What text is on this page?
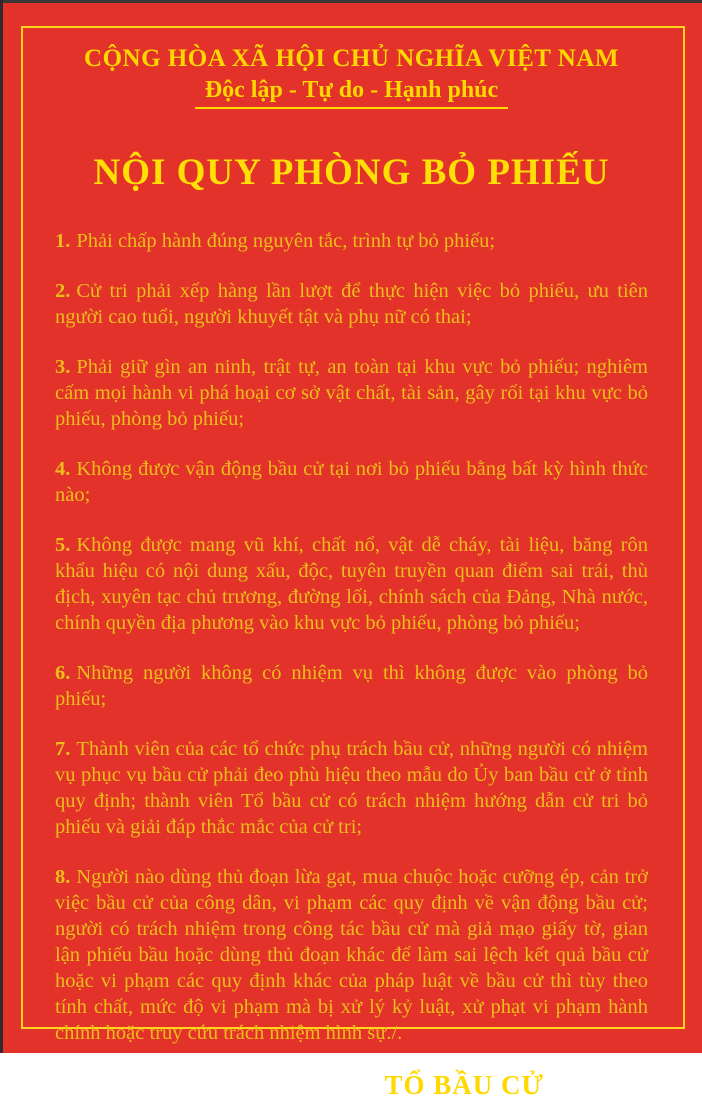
CỘNG HÒA XÃ HỘI CHỦ NGHĨA VIỆT NAM
Độc lập - Tự do - Hạnh phúc
NỘI QUY PHÒNG BỎ PHIẾU

1. Phải chấp hành đúng nguyên tắc, trình tự bỏ phiếu;

2. Cử tri phải xếp hàng lần lượt để thực hiện việc bỏ phiếu, ưu tiên người cao tuổi, người khuyết tật và phụ nữ có thai;

3. Phải giữ gìn an ninh, trật tự, an toàn tại khu vực bỏ phiếu; nghiêm cấm mọi hành vi phá hoại cơ sở vật chất, tài sản, gây rối tại khu vực bỏ phiếu, phòng bỏ phiếu;

4. Không được vận động bầu cử tại nơi bỏ phiếu bằng bất kỳ hình thức nào;

5. Không được mang vũ khí, chất nổ, vật dễ cháy, tài liệu, băng rôn khẩu hiệu có nội dung xấu, độc, tuyên truyền quan điểm sai trái, thù địch, xuyên tạc chủ trương, đường lối, chính sách của Đảng, Nhà nước, chính quyền địa phương vào khu vực bỏ phiếu, phòng bỏ phiếu;

6. Những người không có nhiệm vụ thì không được vào phòng bỏ phiếu;

7. Thành viên của các tổ chức phụ trách bầu cử, những người có nhiệm vụ phục vụ bầu cử phải đeo phù hiệu theo mẫu do Ủy ban bầu cử ở tỉnh quy định; thành viên Tổ bầu cử có trách nhiệm hướng dẫn cử tri bỏ phiếu và giải đáp thắc mắc của cử tri;

8. Người nào dùng thủ đoạn lừa gạt, mua chuộc hoặc cưỡng ép, cản trở việc bầu cử của công dân, vi phạm các quy định về vận động bầu cử; người có trách nhiệm trong công tác bầu cử mà giả mạo giấy tờ, gian lận phiếu bầu hoặc dùng thủ đoạn khác để làm sai lệch kết quả bầu cử hoặc vi phạm các quy định khác của pháp luật về bầu cử thì tùy theo tính chất, mức độ vi phạm mà bị xử lý kỷ luật, xử phạt vi phạm hành chính hoặc truy cứu trách nhiệm hình sự./.

TỔ BẦU CỬ
